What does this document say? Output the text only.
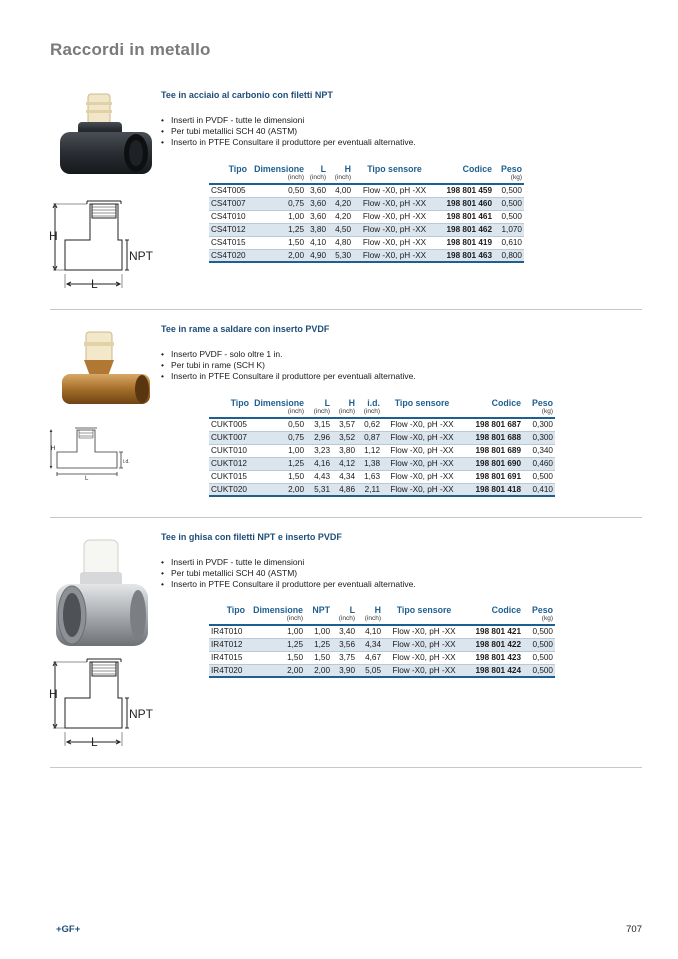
Raccordi in metallo
Tee in acciaio al carbonio con filetti NPT
• Inserti in PVDF - tutte le dimensioni
• Per tubi metallici SCH 40 (ASTM)
• Inserto in PTFE Consultare il produttore per eventuali alternative.
H
NPT
L
Tipo	Dimensione	L	H	Tipo sensore	Codice	Peso
	(inch)	(inch)	(inch)			(kg)
CS4T005	0,50	3,60	4,00	Flow -X0, pH -XX	198 801 459	0,500
CS4T007	0,75	3,60	4,20	Flow -X0, pH -XX	198 801 460	0,500
CS4T010	1,00	3,60	4,20	Flow -X0, pH -XX	198 801 461	0,500
CS4T012	1,25	3,80	4,50	Flow -X0, pH -XX	198 801 462	1,070
CS4T015	1,50	4,10	4,80	Flow -X0, pH -XX	198 801 419	0,610
CS4T020	2,00	4,90	5,30	Flow -X0, pH -XX	198 801 463	0,800
Tee in rame a saldare con inserto PVDF
• Inserto PVDF - solo oltre 1 in.
• Per tubi in rame (SCH K)
• Inserto in PTFE Consultare il produttore per eventuali alternative.
H
i.d.
L
Tipo	Dimensione	L	H	i.d.	Tipo sensore	Codice	Peso
	(inch)	(inch)	(inch)	(inch)			(kg)
CUKT005	0,50	3,15	3,57	0,62	Flow -X0, pH -XX	198 801 687	0,300
CUKT007	0,75	2,96	3,52	0,87	Flow -X0, pH -XX	198 801 688	0,300
CUKT010	1,00	3,23	3,80	1,12	Flow -X0, pH -XX	198 801 689	0,340
CUKT012	1,25	4,16	4,12	1,38	Flow -X0, pH -XX	198 801 690	0,460
CUKT015	1,50	4,43	4,34	1,63	Flow -X0, pH -XX	198 801 691	0,500
CUKT020	2,00	5,31	4,86	2,11	Flow -X0, pH -XX	198 801 418	0,410
Tee in ghisa con filetti NPT e inserto PVDF
• Inserti in PVDF - tutte le dimensioni
• Per tubi metallici SCH 40 (ASTM)
• Inserto in PTFE Consultare il produttore per eventuali alternative.
H
NPT
L
Tipo	Dimensione	NPT	L	H	Tipo sensore	Codice	Peso
	(inch)		(inch)	(inch)			(kg)
IR4T010	1,00	1,00	3,40	4,10	Flow -X0, pH -XX	198 801 421	0,500
IR4T012	1,25	1,25	3,56	4,34	Flow -X0, pH -XX	198 801 422	0,500
IR4T015	1,50	1,50	3,75	4,67	Flow -X0, pH -XX	198 801 423	0,500
IR4T020	2,00	2,00	3,90	5,05	Flow -X0, pH -XX	198 801 424	0,500
+GF+	707
